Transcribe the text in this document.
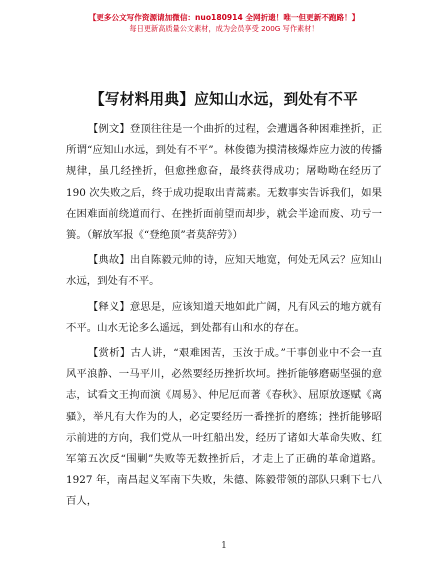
【更多公文写作资源请加微信：nuo180914 全网折遗！唯一但更新不跑路！】
每日更新高质量公文素材，成为会员享受 200G 写作素材！
【写材料用典】应知山水远，到处有不平

【例文】登顶往往是一个曲折的过程，会遭遇各种困难挫折，正所谓“应知山水远，到处有不平”。林俊德为摸清核爆炸应力波的传播规律，虽几经挫折，但愈挫愈奋，最终获得成功；屠呦呦在经历了 190 次失败之后，终于成功提取出青蒿素。无数事实告诉我们，如果在困难面前绕道而行、在挫折面前望而却步，就会半途而废、功亏一篑。（解放军报《“登绝顶”者莫辞劳》）

【典故】出自陈毅元帅的诗，应知天地宽，何处无风云？应知山水远，到处有不平。

【释义】意思是，应该知道天地如此广阔，凡有风云的地方就有不平。山水无论多么遥远，到处都有山和水的存在。

【赏析】古人讲，“艰难困苦，玉汝于成。”干事创业中不会一直风平浪静、一马平川，必然要经历挫折坎坷。挫折能够磨砺坚强的意志，试看文王拘而演《周易》、仲尼厄而著《春秋》、屈原放逐赋《离骚》，举凡有大作为的人，必定要经历一番挫折的磨练；挫折能够昭示前进的方向，我们党从一叶红船出发，经历了诸如大革命失败、红军第五次反“围剿”失败等无数挫折后，才走上了正确的革命道路。1927 年，南昌起义军南下失败，朱德、陈毅带领的部队只剩下七八百人，

1
